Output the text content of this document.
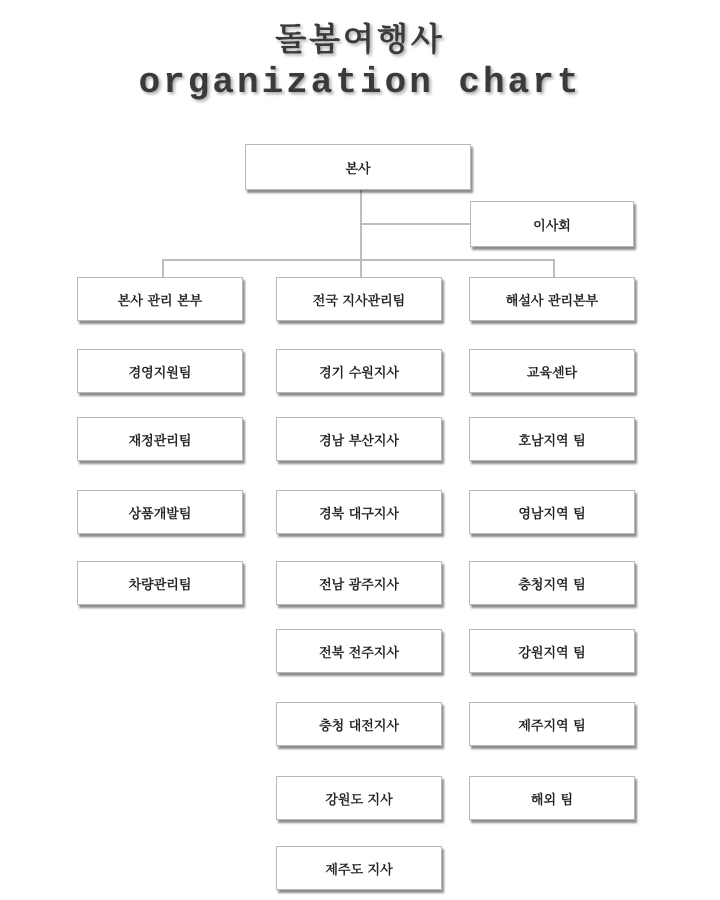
돌봄여행사
organization chart
본사
이사회
본사 관리 본부	전국 지사관리팀	해설사 관리본부
경영지원팀
재정관리팀
상품개발팀
차량관리팀
경기 수원지사
경남 부산지사
경북 대구지사
전남 광주지사
전북 전주지사
충청 대전지사
강원도 지사
제주도 지사
교육센타
호남지역 팀
영남지역 팀
충청지역 팀
강원지역 팀
제주지역 팀
해외 팀
